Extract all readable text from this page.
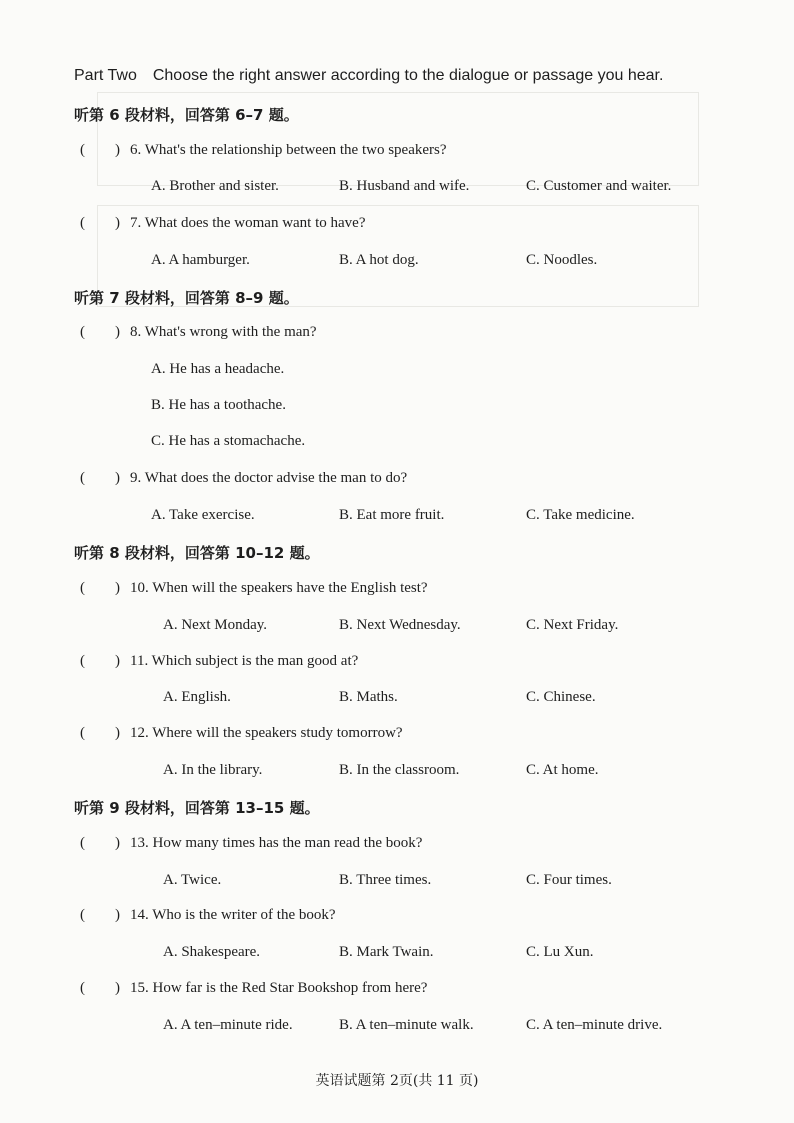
Part Two Choose the right answer according to the dialogue or passage you hear.
听第 6 段材料，回答第 6–7 题。
( ) 6. What's the relationship between the two speakers?
A. Brother and sister.	B. Husband and wife.	C. Customer and waiter.
( ) 7. What does the woman want to have?
A. A hamburger.	B. A hot dog.	C. Noodles.
听第 7 段材料，回答第 8–9 题。
( ) 8. What's wrong with the man?
A. He has a headache.
B. He has a toothache.
C. He has a stomachache.
( ) 9. What does the doctor advise the man to do?
A. Take exercise.	B. Eat more fruit.	C. Take medicine.
听第 8 段材料，回答第 10–12 题。
( ) 10. When will the speakers have the English test?
A. Next Monday.	B. Next Wednesday.	C. Next Friday.
( ) 11. Which subject is the man good at?
A. English.	B. Maths.	C. Chinese.
( ) 12. Where will the speakers study tomorrow?
A. In the library.	B. In the classroom.	C. At home.
听第 9 段材料，回答第 13–15 题。
( ) 13. How many times has the man read the book?
A. Twice.	B. Three times.	C. Four times.
( ) 14. Who is the writer of the book?
A. Shakespeare.	B. Mark Twain.	C. Lu Xun.
( ) 15. How far is the Red Star Bookshop from here?
A. A ten–minute ride.	B. A ten–minute walk.	C. A ten–minute drive.
英语试题第 2页(共 11 页)
